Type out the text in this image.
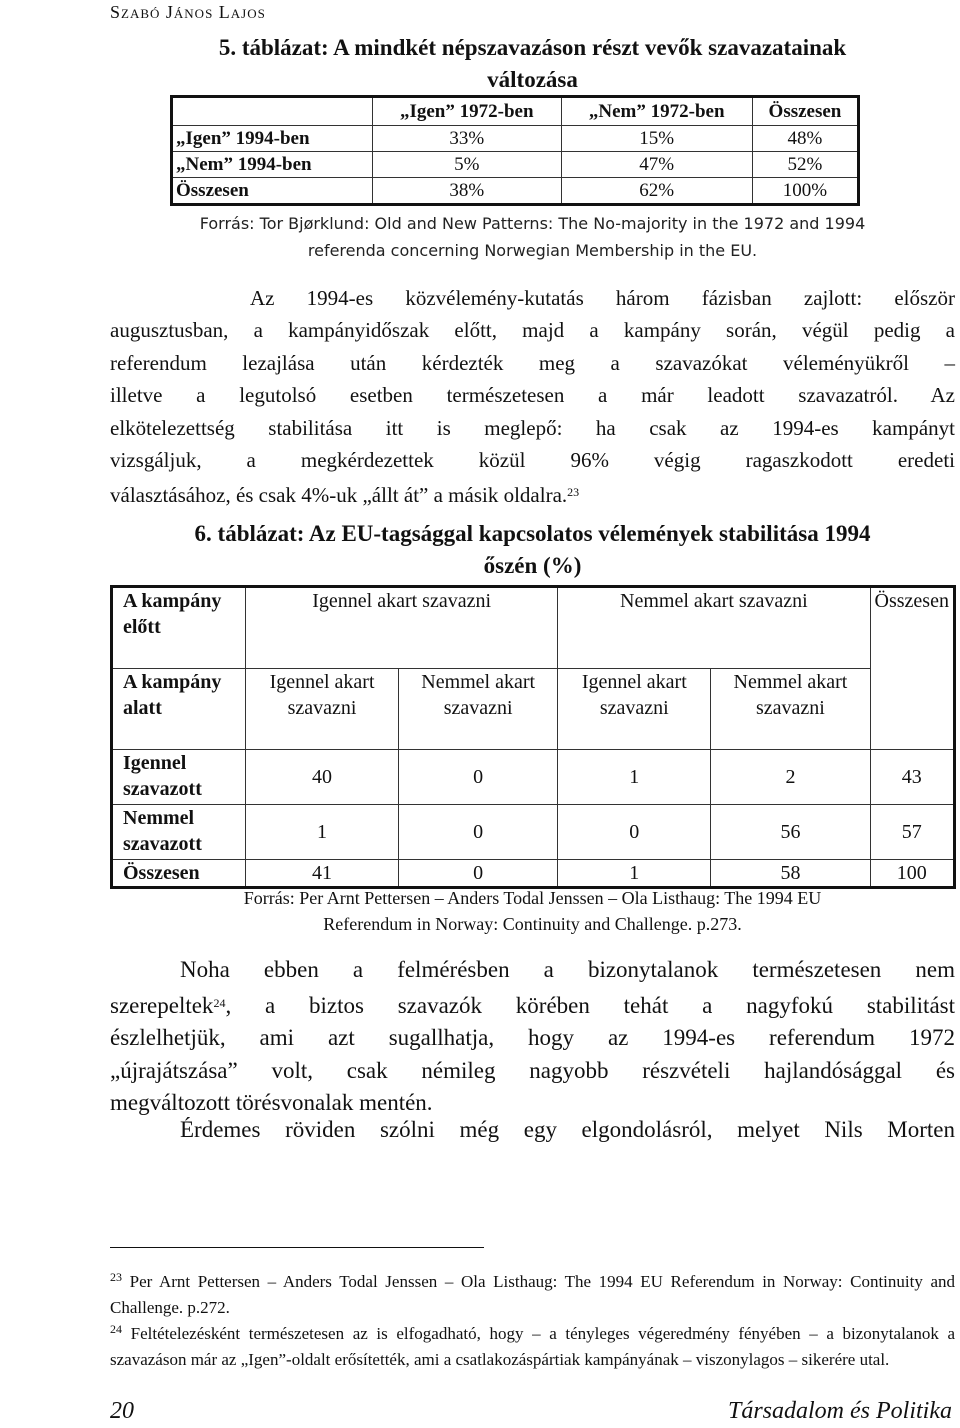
Szabó János Lajos
5. táblázat: A mindkét népszavazáson részt vevők szavazatainak
változása
	„Igen” 1972-ben	„Nem” 1972-ben	Összesen
„Igen” 1994-ben	33%	15%	48%
„Nem” 1994-ben	5%	47%	52%
Összesen	38%	62%	100%
Forrás: Tor Bjørklund: Old and New Patterns: The No-majority in the 1972 and 1994
referenda concerning Norwegian Membership in the EU.
Az 1994-es közvélemény-kutatás három fázisban zajlott: először
augusztusban, a kampányidőszak előtt, majd a kampány során, végül pedig a
referendum lezajlása után kérdezték meg a szavazókat véleményükről –
illetve a legutolsó esetben természetesen a már leadott szavazatról. Az
elkötelezettség stabilitása itt is meglepő: ha csak az 1994-es kampányt
vizsgáljuk, a megkérdezettek közül 96% végig ragaszkodott eredeti
választásához, és csak 4%-uk „állt át” a másik oldalra.$^{23}$
6. táblázat: Az EU-tagsággal kapcsolatos vélemények stabilitása 1994
őszén (%)
A kampány előtt	Igennel akart szavazni		Nemmel akart szavazni		Összesen
A kampány alatt	Igennel akart szavazni	Nemmel akart szavazni	Igennel akart szavazni	Nemmel akart szavazni	
Igennel szavazott	40	0	1	2	43
Nemmel szavazott	1	0	0	56	57
Összesen	41	0	1	58	100
Forrás: Per Arnt Pettersen – Anders Todal Jenssen – Ola Listhaug: The 1994 EU
Referendum in Norway: Continuity and Challenge. p.273.
Noha ebben a felmérésben a bizonytalanok természetesen nem
szerepeltek$^{24}$, a biztos szavazók körében tehát a nagyfokú stabilitást
észlelhetjük, ami azt sugallhatja, hogy az 1994-es referendum 1972
„újrajátszása” volt, csak némileg nagyobb részvételi hajlandósággal és
megváltozott törésvonalak mentén.
Érdemes röviden szólni még egy elgondolásról, melyet Nils Morten
$^{23}$ Per Arnt Pettersen – Anders Todal Jenssen – Ola Listhaug: The 1994 EU Referendum in Norway: Continuity and Challenge. p.272.
$^{24}$ Feltételezésként természetesen az is elfogadható, hogy – a tényleges végeredmény fényében – a bizonytalanok a szavazáson már az „Igen”-oldalt erősítették, ami a csatlakozáspártiak kampányának – viszonylagos – sikerére utal.
20	Társadalom és Politika
